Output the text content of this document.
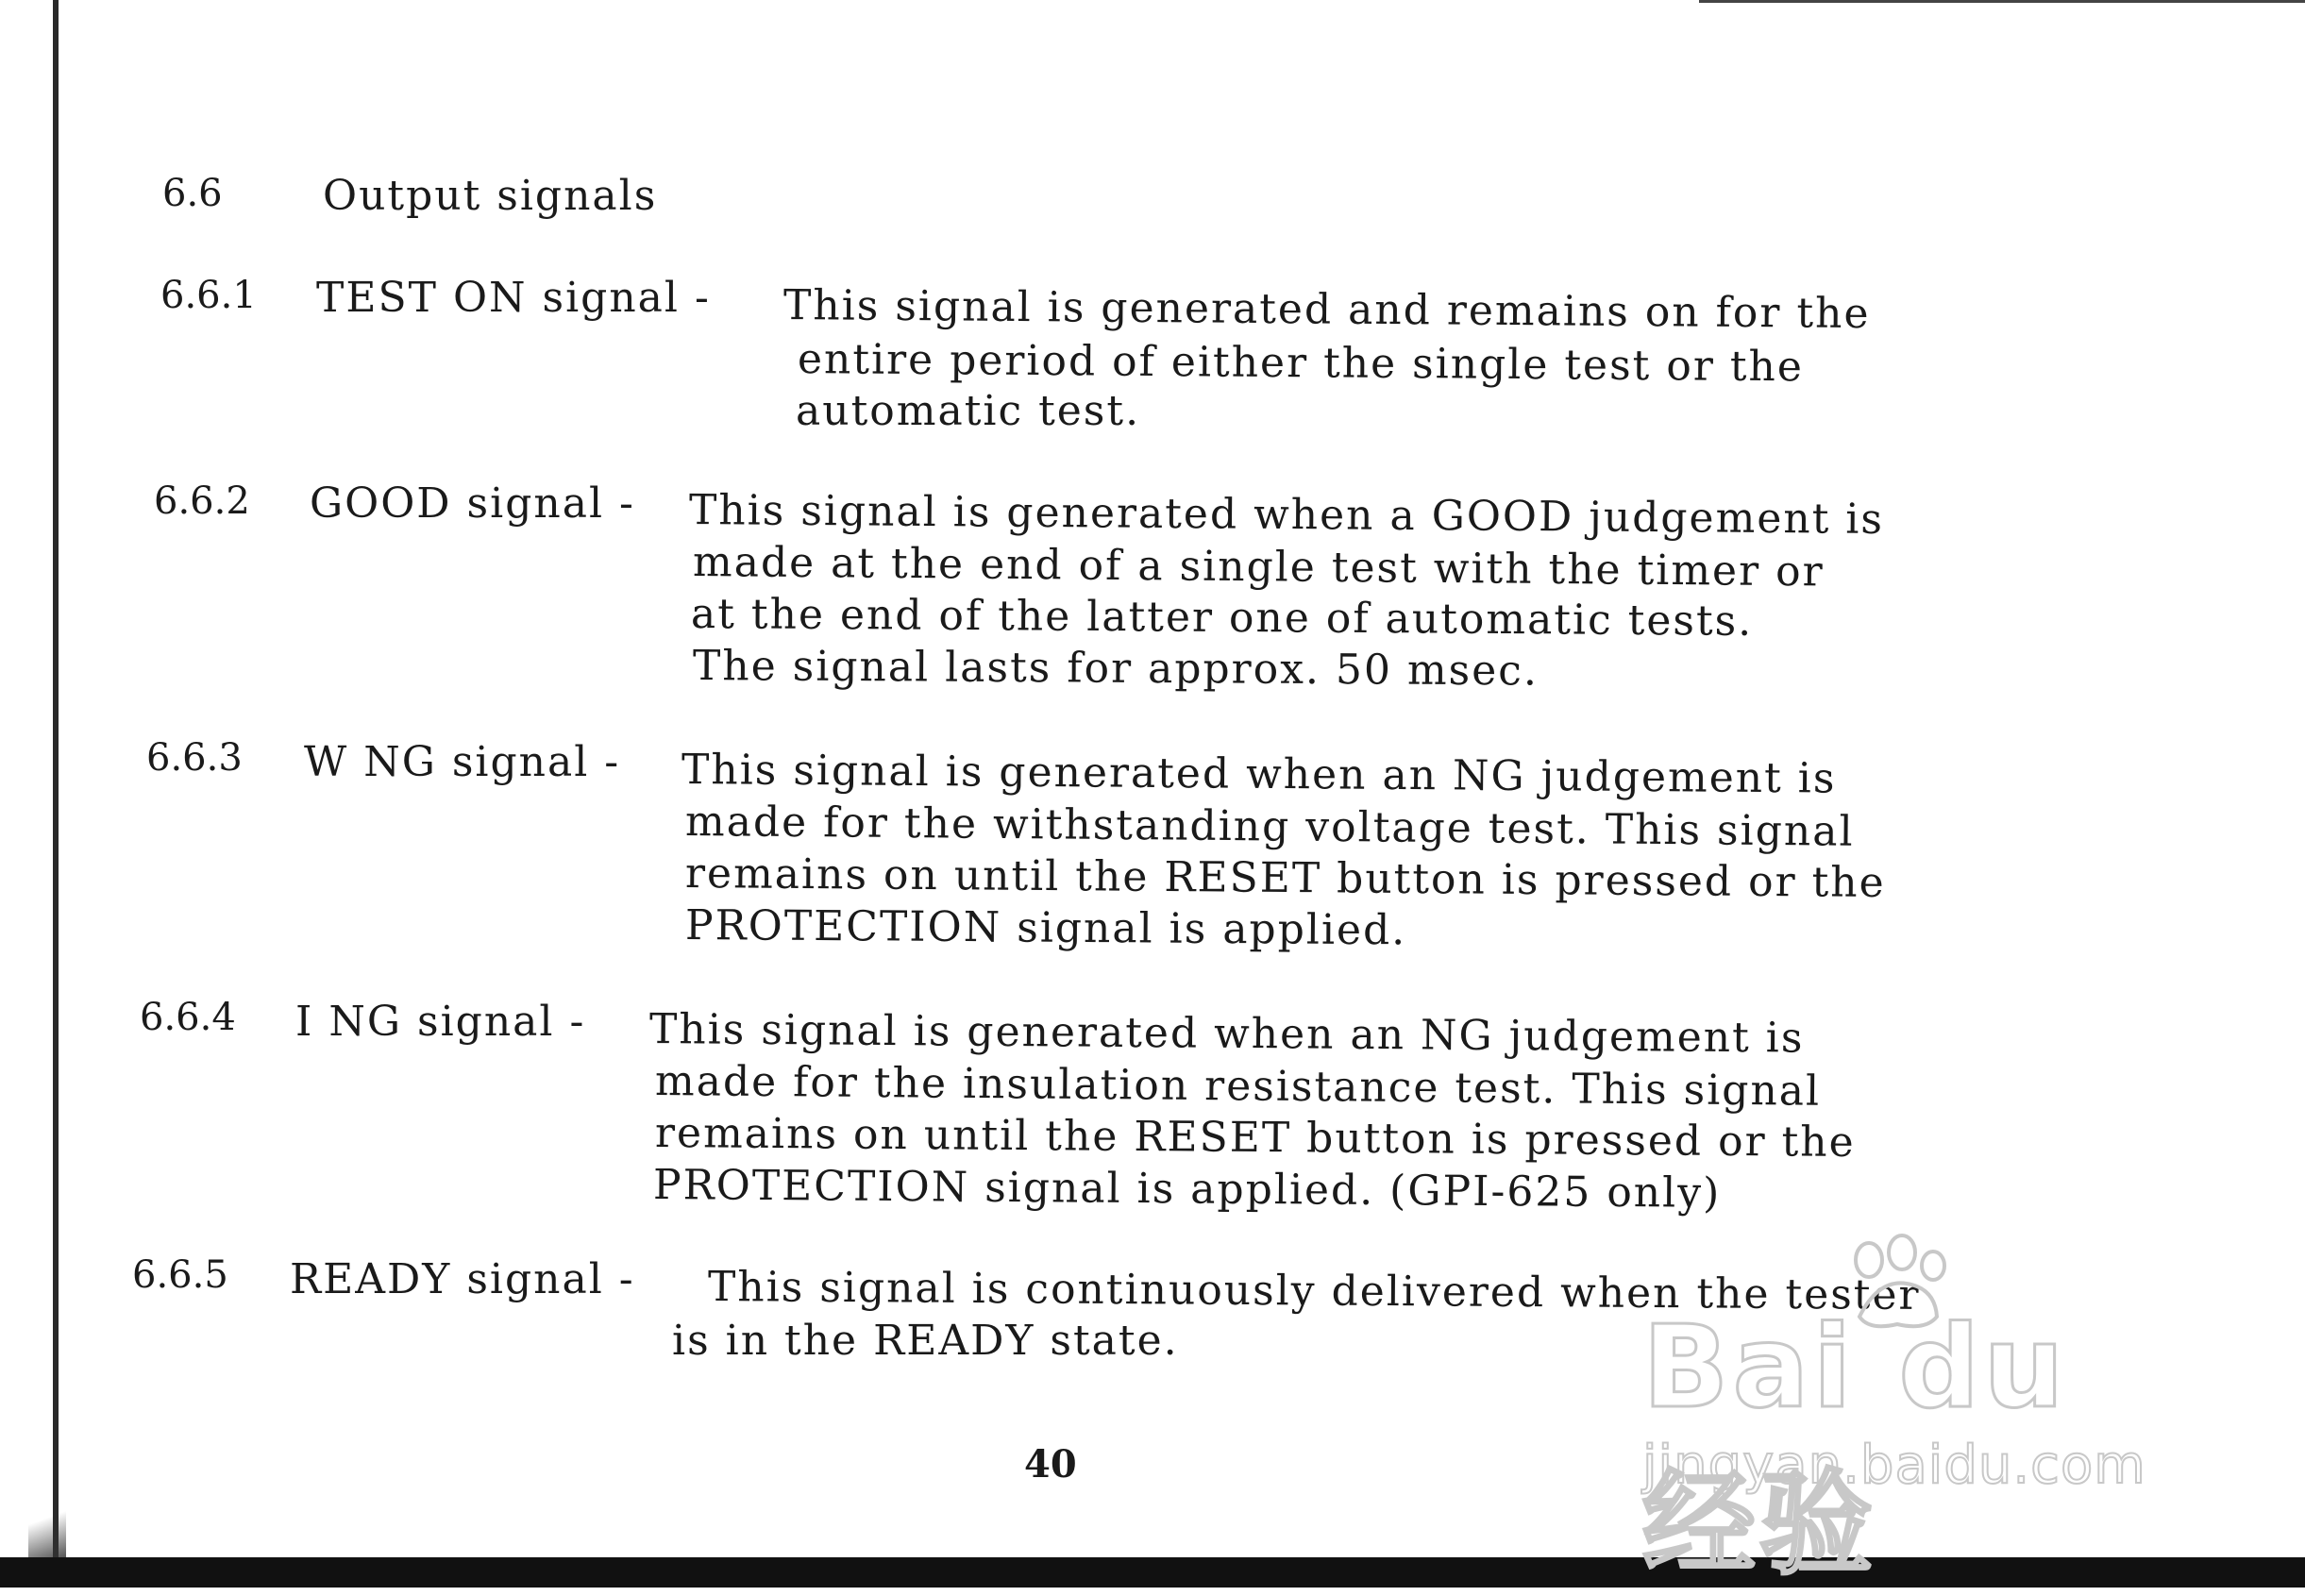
6.6 Output signals
6.6.1 TEST ON signal - This signal is generated and remains on for the
entire period of either the single test or the
automatic test.
6.6.2 GOOD signal - This signal is generated when a GOOD judgement is
made at the end of a single test with the timer or
at the end of the latter one of automatic tests.
The signal lasts for approx. 50 msec.
6.6.3 W NG signal - This signal is generated when an NG judgement is
made for the withstanding voltage test. This signal
remains on until the RESET button is pressed or the
PROTECTION signal is applied.
6.6.4 I NG signal - This signal is generated when an NG judgement is
made for the insulation resistance test. This signal
remains on until the RESET button is pressed or the
PROTECTION signal is applied. (GPI-625 only)
6.6.5 READY signal - This signal is continuously delivered when the tester
is in the READY state.
40
Bai du 经验
jingyan.baidu.com
